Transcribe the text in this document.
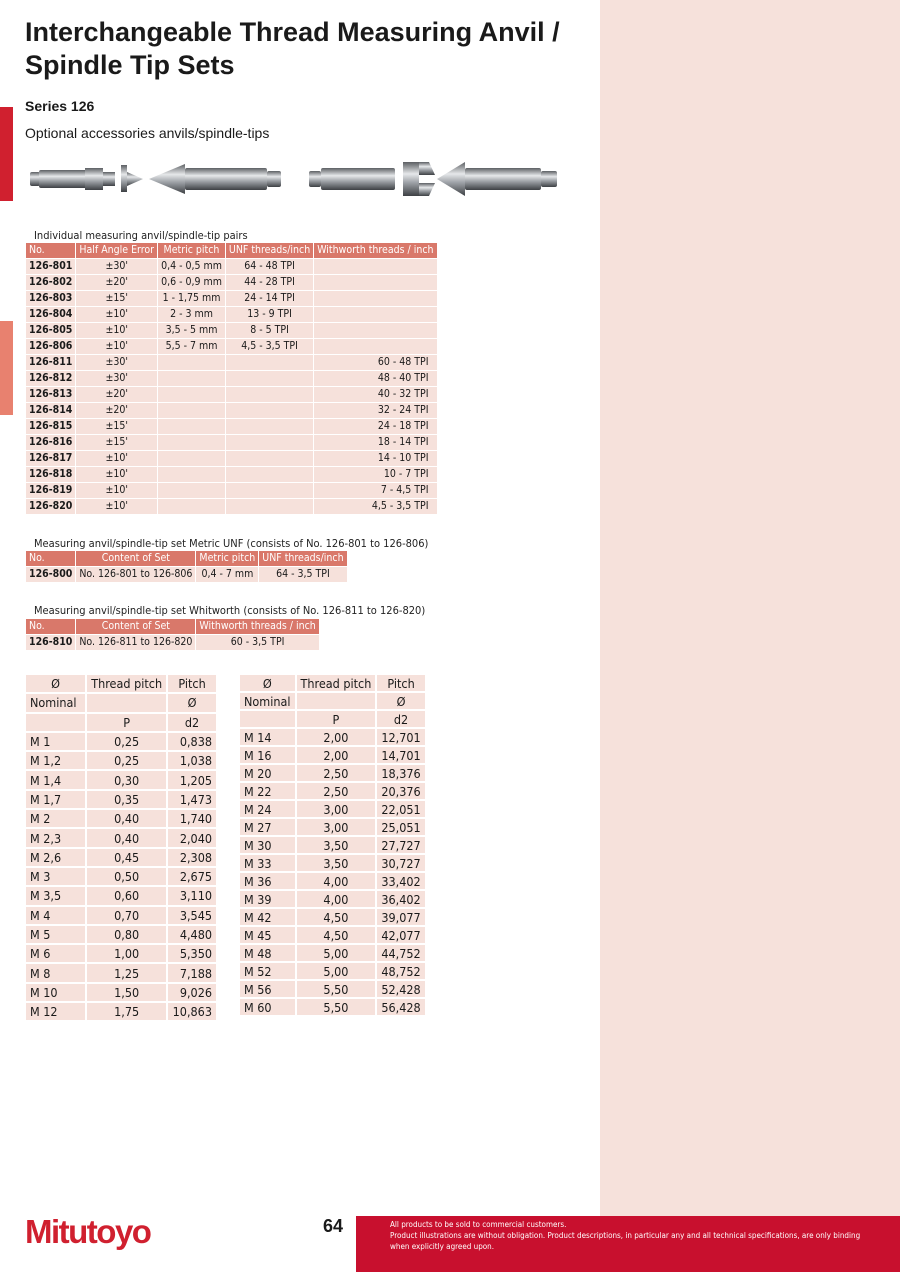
Interchangeable Thread Measuring Anvil / Spindle Tip Sets
Series 126
Optional accessories anvils/spindle-tips
Individual measuring anvil/spindle-tip pairs
No.	Half Angle Error	Metric pitch	UNF threads/inch	Withworth threads / inch
126-801	±30'	0,4 - 0,5 mm	64 - 48 TPI	
126-802	±20'	0,6 - 0,9 mm	44 - 28 TPI	
126-803	±15'	1 - 1,75 mm	24 - 14 TPI	
126-804	±10'	2 - 3 mm	13 - 9 TPI	
126-805	±10'	3,5 - 5 mm	8 - 5 TPI	
126-806	±10'	5,5 - 7 mm	4,5 - 3,5 TPI	
126-811	±30'			60 - 48 TPI
126-812	±30'			48 - 40 TPI
126-813	±20'			40 - 32 TPI
126-814	±20'			32 - 24 TPI
126-815	±15'			24 - 18 TPI
126-816	±15'			18 - 14 TPI
126-817	±10'			14 - 10 TPI
126-818	±10'			10 - 7 TPI
126-819	±10'			7 - 4,5 TPI
126-820	±10'			4,5 - 3,5 TPI
Measuring anvil/spindle-tip set Metric UNF (consists of No. 126-801 to 126-806)
No.	Content of Set	Metric pitch	UNF threads/inch
126-800	No. 126-801 to 126-806	0,4 - 7 mm	64 - 3,5 TPI
Measuring anvil/spindle-tip set Whitworth (consists of No. 126-811 to 126-820)
No.	Content of Set	Withworth threads / inch
126-810	No. 126-811 to 126-820	60 - 3,5 TPI
Ø	Thread pitch	Pitch
Nominal		Ø
	P	d2
M 1	0,25	0,838
M 1,2	0,25	1,038
M 1,4	0,30	1,205
M 1,7	0,35	1,473
M 2	0,40	1,740
M 2,3	0,40	2,040
M 2,6	0,45	2,308
M 3	0,50	2,675
M 3,5	0,60	3,110
M 4	0,70	3,545
M 5	0,80	4,480
M 6	1,00	5,350
M 8	1,25	7,188
M 10	1,50	9,026
M 12	1,75	10,863
Ø	Thread pitch	Pitch
Nominal		Ø
	P	d2
M 14	2,00	12,701
M 16	2,00	14,701
M 20	2,50	18,376
M 22	2,50	20,376
M 24	3,00	22,051
M 27	3,00	25,051
M 30	3,50	27,727
M 33	3,50	30,727
M 36	4,00	33,402
M 39	4,00	36,402
M 42	4,50	39,077
M 45	4,50	42,077
M 48	5,00	44,752
M 52	5,00	48,752
M 56	5,50	52,428
M 60	5,50	56,428
Mitutoyo	64	All products to be sold to commercial customers.
Product illustrations are without obligation. Product descriptions, in particular any and all technical specifications, are only binding when explicitly agreed upon.
